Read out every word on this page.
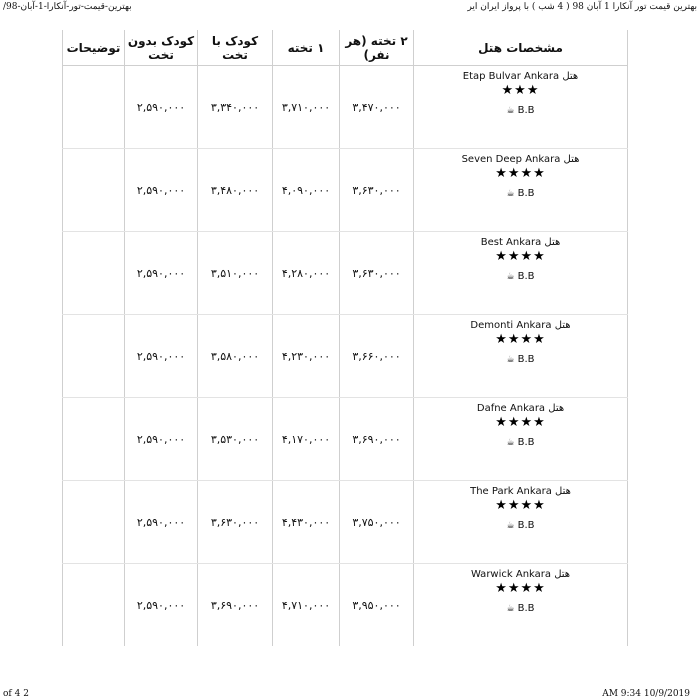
/بهترین-قیمت-تور-آنکارا-1-آبان-98	بهترین قیمت تور آنکارا 1 آبان 98 ( 4 شب ) با پرواز ایران ایر
مشخصات هتل	۲ تخته (هر نفر)	۱ تخته	کودک با تخت	کودک بدون تخت	توضیحات

هتل Etap Bulvar Ankara
★★★
☕ B.B	۳,۴۷۰,۰۰۰	۳,۷۱۰,۰۰۰	۳,۳۴۰,۰۰۰	۲,۵۹۰,۰۰۰	

هتل Seven Deep Ankara
★★★★
☕ B.B	۳,۶۳۰,۰۰۰	۴,۰۹۰,۰۰۰	۳,۴۸۰,۰۰۰	۲,۵۹۰,۰۰۰	

هتل Best Ankara
★★★★
☕ B.B	۳,۶۳۰,۰۰۰	۴,۲۸۰,۰۰۰	۳,۵۱۰,۰۰۰	۲,۵۹۰,۰۰۰	

هتل Demonti Ankara
★★★★
☕ B.B	۳,۶۶۰,۰۰۰	۴,۲۳۰,۰۰۰	۳,۵۸۰,۰۰۰	۲,۵۹۰,۰۰۰	

هتل Dafne Ankara
★★★★
☕ B.B	۳,۶۹۰,۰۰۰	۴,۱۷۰,۰۰۰	۳,۵۳۰,۰۰۰	۲,۵۹۰,۰۰۰	

هتل The Park Ankara
★★★★
☕ B.B	۳,۷۵۰,۰۰۰	۴,۴۳۰,۰۰۰	۳,۶۳۰,۰۰۰	۲,۵۹۰,۰۰۰	

هتل Warwick Ankara
★★★★
☕ B.B	۳,۹۵۰,۰۰۰	۴,۷۱۰,۰۰۰	۳,۶۹۰,۰۰۰	۲,۵۹۰,۰۰۰	
of 4 2	AM 9:34 10/9/2019
